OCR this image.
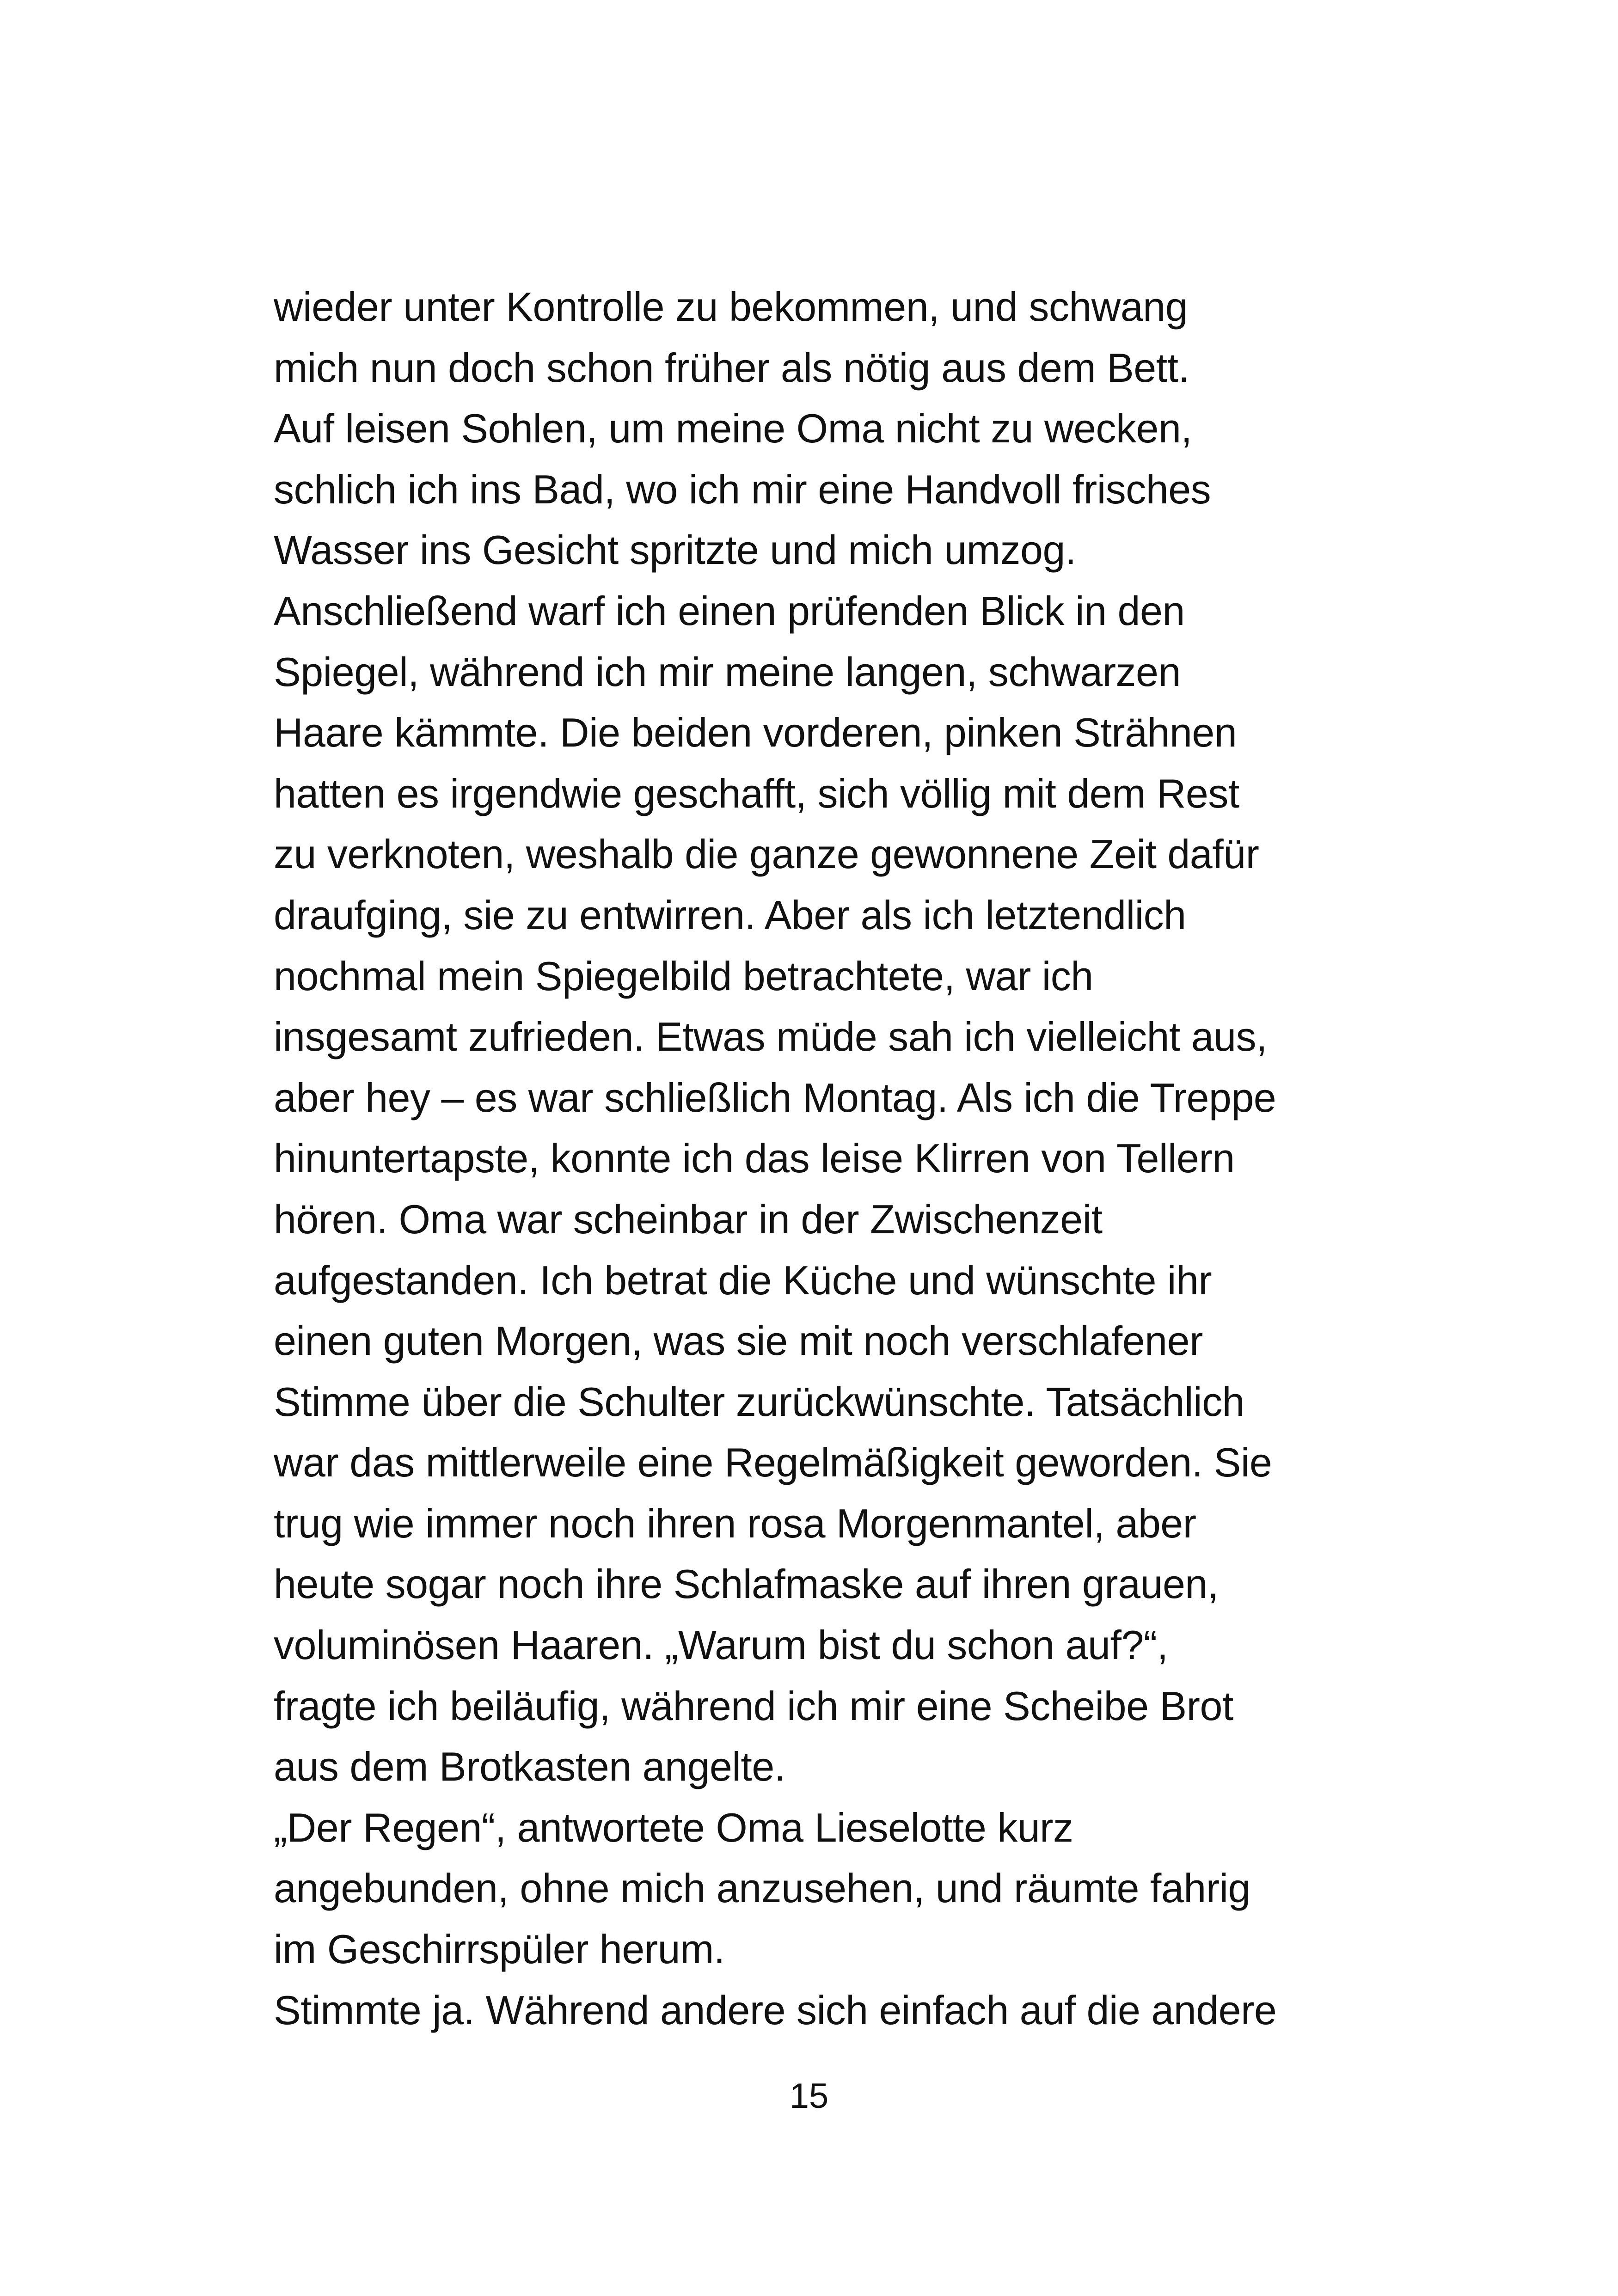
wieder unter Kontrolle zu bekommen, und schwang
mich nun doch schon früher als nötig aus dem Bett.
Auf leisen Sohlen, um meine Oma nicht zu wecken,
schlich ich ins Bad, wo ich mir eine Handvoll frisches
Wasser ins Gesicht spritzte und mich umzog.
Anschließend warf ich einen prüfenden Blick in den
Spiegel, während ich mir meine langen, schwarzen
Haare kämmte. Die beiden vorderen, pinken Strähnen
hatten es irgendwie geschafft, sich völlig mit dem Rest
zu verknoten, weshalb die ganze gewonnene Zeit dafür
draufging, sie zu entwirren. Aber als ich letztendlich
nochmal mein Spiegelbild betrachtete, war ich
insgesamt zufrieden. Etwas müde sah ich vielleicht aus,
aber hey – es war schließlich Montag. Als ich die Treppe
hinuntertapste, konnte ich das leise Klirren von Tellern
hören. Oma war scheinbar in der Zwischenzeit
aufgestanden. Ich betrat die Küche und wünschte ihr
einen guten Morgen, was sie mit noch verschlafener
Stimme über die Schulter zurückwünschte. Tatsächlich
war das mittlerweile eine Regelmäßigkeit geworden. Sie
trug wie immer noch ihren rosa Morgenmantel, aber
heute sogar noch ihre Schlafmaske auf ihren grauen,
voluminösen Haaren. „Warum bist du schon auf?“,
fragte ich beiläufig, während ich mir eine Scheibe Brot
aus dem Brotkasten angelte.
„Der Regen“, antwortete Oma Lieselotte kurz
angebunden, ohne mich anzusehen, und räumte fahrig
im Geschirrspüler herum.
Stimmte ja. Während andere sich einfach auf die andere
15
